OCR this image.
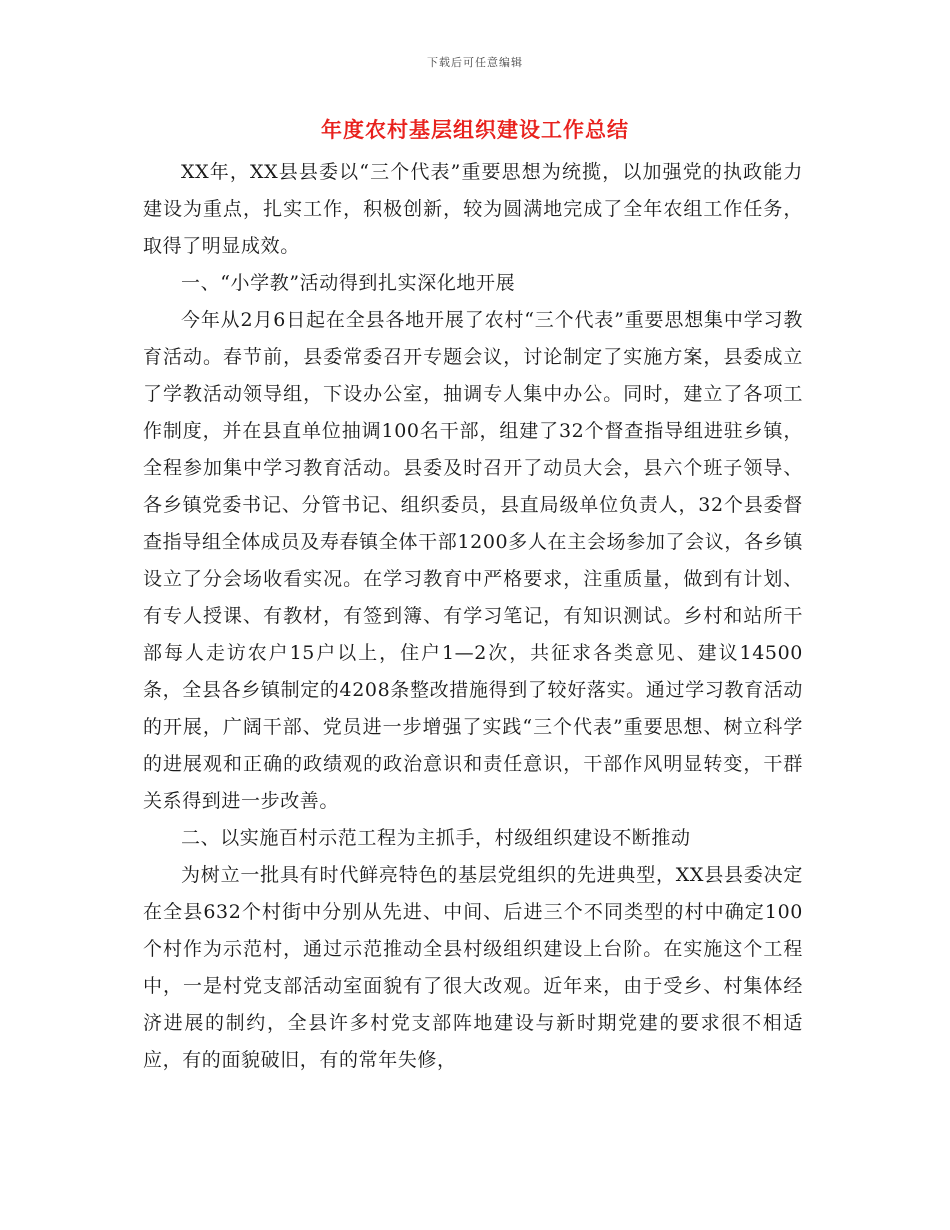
下载后可任意编辑
年度农村基层组织建设工作总结

XX年，XX县县委以“三个代表”重要思想为统揽，以加强党的执政能力建设为重点，扎实工作，积极创新，较为圆满地完成了全年农组工作任务，取得了明显成效。

一、“小学教”活动得到扎实深化地开展

今年从2月6日起在全县各地开展了农村“三个代表”重要思想集中学习教育活动。春节前，县委常委召开专题会议，讨论制定了实施方案，县委成立了学教活动领导组，下设办公室，抽调专人集中办公。同时，建立了各项工作制度，并在县直单位抽调100名干部，组建了32个督查指导组进驻乡镇，全程参加集中学习教育活动。县委及时召开了动员大会，县六个班子领导、各乡镇党委书记、分管书记、组织委员，县直局级单位负责人，32个县委督查指导组全体成员及寿春镇全体干部1200多人在主会场参加了会议，各乡镇设立了分会场收看实况。在学习教育中严格要求，注重质量，做到有计划、有专人授课、有教材，有签到簿、有学习笔记，有知识测试。乡村和站所干部每人走访农户15户以上，住户1—2次，共征求各类意见、建议14500条，全县各乡镇制定的4208条整改措施得到了较好落实。通过学习教育活动的开展，广阔干部、党员进一步增强了实践“三个代表”重要思想、树立科学的进展观和正确的政绩观的政治意识和责任意识，干部作风明显转变，干群关系得到进一步改善。

二、以实施百村示范工程为主抓手，村级组织建设不断推动

为树立一批具有时代鲜亮特色的基层党组织的先进典型，XX县县委决定在全县632个村街中分别从先进、中间、后进三个不同类型的村中确定100个村作为示范村，通过示范推动全县村级组织建设上台阶。在实施这个工程中，一是村党支部活动室面貌有了很大改观。近年来，由于受乡、村集体经济进展的制约，全县许多村党支部阵地建设与新时期党建的要求很不相适应，有的面貌破旧，有的常年失修，
